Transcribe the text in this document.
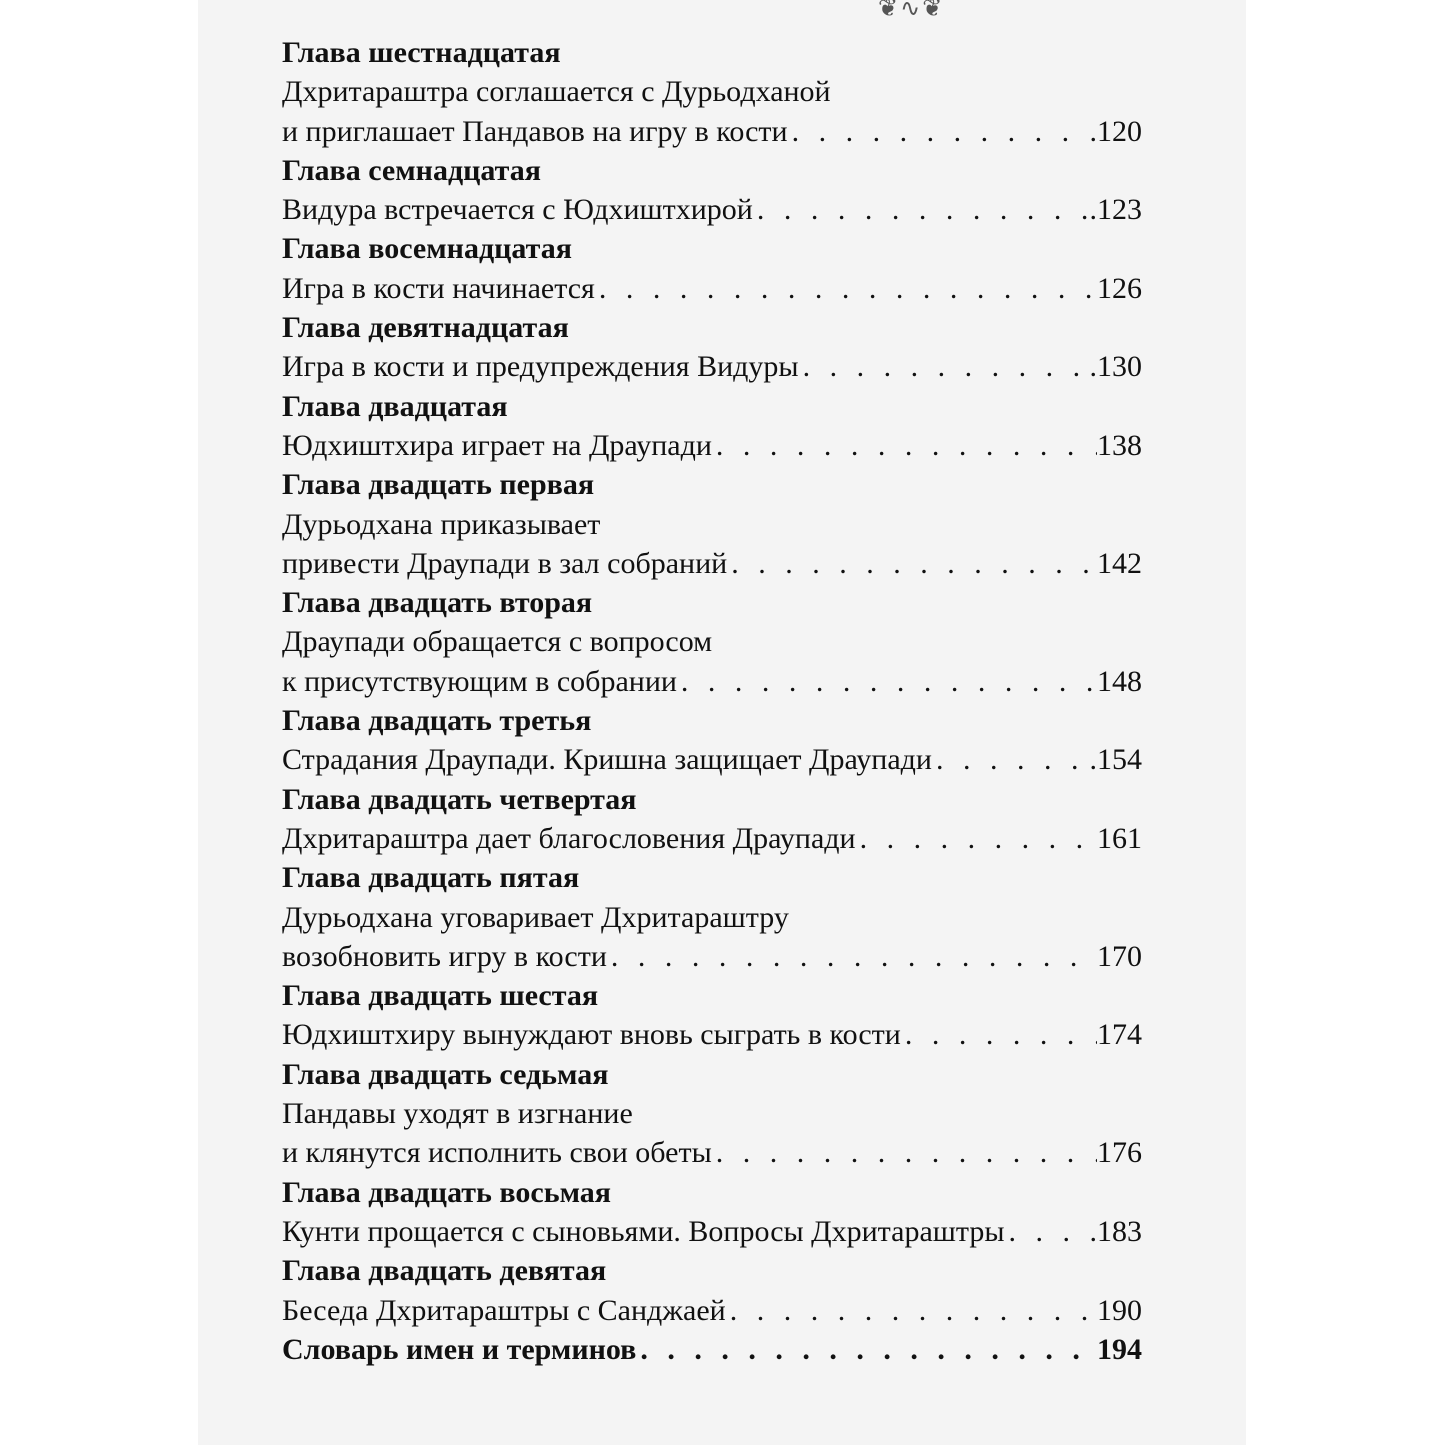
❦∿❦
Глава шестнадцатая
Дхритараштра соглашается с Дурьодханой
и приглашает Пандавов на игру в кости . . .	.120
Глава семнадцатая
Видура встречается с Юдхиштхирой . . .	.123
Глава восемнадцатая
Игра в кости начинается . . .	126
Глава девятнадцатая
Игра в кости и предупреждения Видуры . . .	.130
Глава двадцатая
Юдхиштхира играет на Драупади . . .	138
Глава двадцать первая
Дурьодхана приказывает
привести Драупади в зал собраний . . .	142
Глава двадцать вторая
Драупади обращается с вопросом
к присутствующим в собрании . . .	148
Глава двадцать третья
Страдания Драупади. Кришна защищает Драупади . . .	.154
Глава двадцать четвертая
Дхритараштра дает благословения Драупади . . .	161
Глава двадцать пятая
Дурьодхана уговаривает Дхритараштру
возобновить игру в кости . . .	170
Глава двадцать шестая
Юдхиштхиру вынуждают вновь сыграть в кости . . .	174
Глава двадцать седьмая
Пандавы уходят в изгнание
и клянутся исполнить свои обеты . . .	176
Глава двадцать восьмая
Кунти прощается с сыновьями. Вопросы Дхритараштры . . .	183
Глава двадцать девятая
Беседа Дхритараштры с Санджаей . . .	190
Словарь имен и терминов . . .	194
